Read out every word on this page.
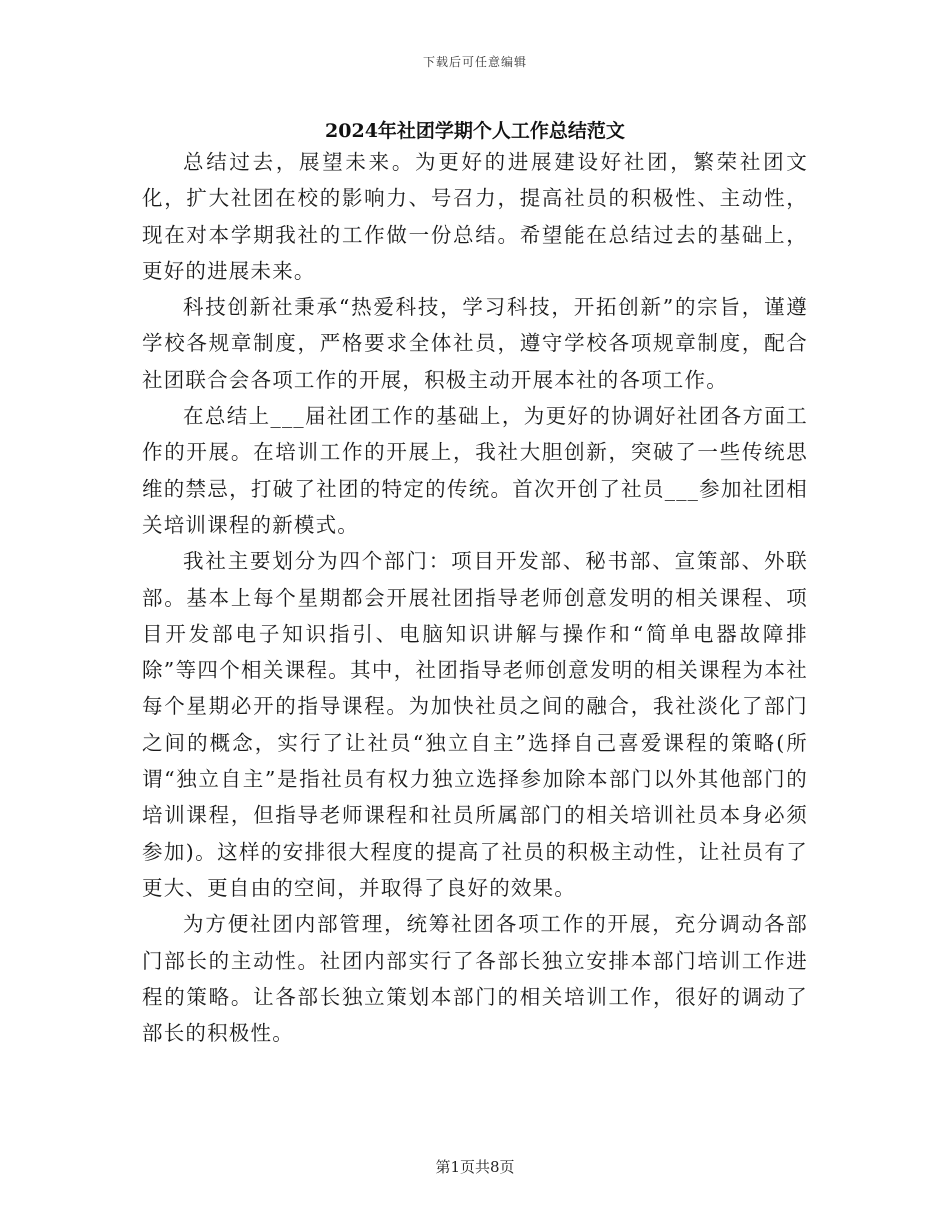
下载后可任意编辑
2024年社团学期个人工作总结范文

总结过去，展望未来。为更好的进展建设好社团，繁荣社团文化，扩大社团在校的影响力、号召力，提高社员的积极性、主动性，现在对本学期我社的工作做一份总结。希望能在总结过去的基础上，更好的进展未来。

科技创新社秉承“热爱科技，学习科技，开拓创新”的宗旨，谨遵学校各规章制度，严格要求全体社员，遵守学校各项规章制度，配合社团联合会各项工作的开展，积极主动开展本社的各项工作。

在总结上___届社团工作的基础上，为更好的协调好社团各方面工作的开展。在培训工作的开展上，我社大胆创新，突破了一些传统思维的禁忌，打破了社团的特定的传统。首次开创了社员___参加社团相关培训课程的新模式。

我社主要划分为四个部门：项目开发部、秘书部、宣策部、外联部。基本上每个星期都会开展社团指导老师创意发明的相关课程、项目开发部电子知识指引、电脑知识讲解与操作和“简单电器故障排除”等四个相关课程。其中，社团指导老师创意发明的相关课程为本社每个星期必开的指导课程。为加快社员之间的融合，我社淡化了部门之间的概念，实行了让社员“独立自主”选择自己喜爱课程的策略(所谓“独立自主”是指社员有权力独立选择参加除本部门以外其他部门的培训课程，但指导老师课程和社员所属部门的相关培训社员本身必须参加)。这样的安排很大程度的提高了社员的积极主动性，让社员有了更大、更自由的空间，并取得了良好的效果。

为方便社团内部管理，统筹社团各项工作的开展，充分调动各部门部长的主动性。社团内部实行了各部长独立安排本部门培训工作进程的策略。让各部长独立策划本部门的相关培训工作，很好的调动了部长的积极性。

第1页共8页
